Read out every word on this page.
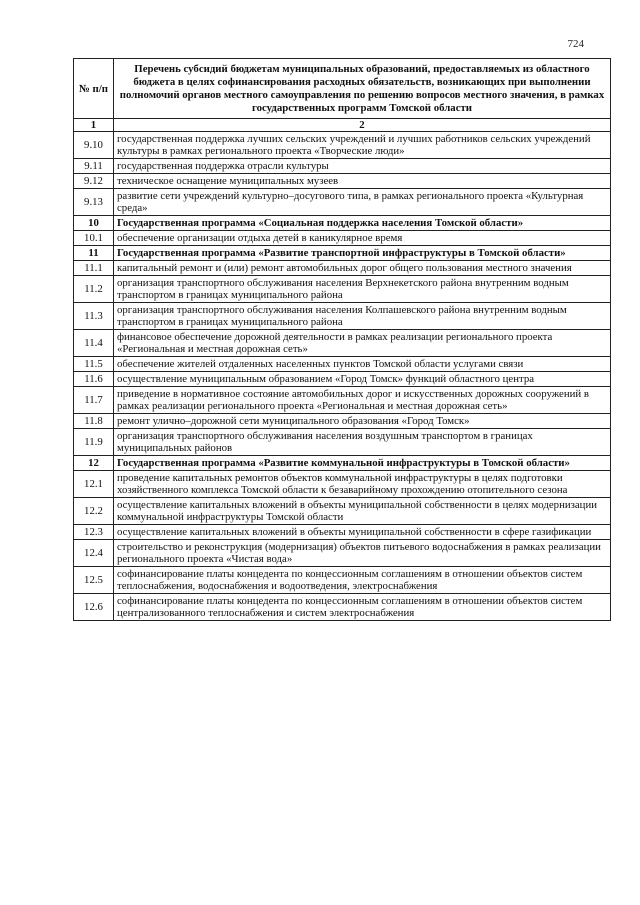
724
№ п/п	Перечень субсидий бюджетам муниципальных образований, предоставляемых из областного бюджета в целях софинансирования расходных обязательств, возникающих при выполнении полномочий органов местного самоуправления по решению вопросов местного значения, в рамках государственных программ Томской области
1	2
9.10	государственная поддержка лучших сельских учреждений и лучших работников сельских учреждений культуры в рамках регионального проекта «Творческие люди»
9.11	государственная поддержка отрасли культуры
9.12	техническое оснащение муниципальных музеев
9.13	развитие сети учреждений культурно–досугового типа, в рамках регионального проекта «Культурная среда»
10	Государственная программа «Социальная поддержка населения Томской области»
10.1	обеспечение организации отдыха детей в каникулярное время
11	Государственная программа «Развитие транспортной инфраструктуры в Томской области»
11.1	капитальный ремонт и (или) ремонт автомобильных дорог общего пользования местного значения
11.2	организация транспортного обслуживания населения Верхнекетского района внутренним водным транспортом в границах муниципального района
11.3	организация транспортного обслуживания населения Колпашевского района внутренним водным транспортом в границах муниципального района
11.4	финансовое обеспечение дорожной деятельности в рамках реализации регионального проекта «Региональная и местная дорожная сеть»
11.5	обеспечение жителей отдаленных населенных пунктов Томской области услугами связи
11.6	осуществление муниципальным образованием «Город Томск» функций областного центра
11.7	приведение в нормативное состояние автомобильных дорог и искусственных дорожных сооружений в рамках реализации регионального проекта «Региональная и местная дорожная сеть»
11.8	ремонт улично–дорожной сети муниципального образования «Город Томск»
11.9	организация транспортного обслуживания населения воздушным транспортом в границах муниципальных районов
12	Государственная программа «Развитие коммунальной инфраструктуры в Томской области»
12.1	проведение капитальных ремонтов объектов коммунальной инфраструктуры в целях подготовки хозяйственного комплекса Томской области к безаварийному прохождению отопительного сезона
12.2	осуществление капитальных вложений в объекты муниципальной собственности в целях модернизации коммунальной инфраструктуры Томской области
12.3	осуществление капитальных вложений в объекты муниципальной собственности в сфере газификации
12.4	строительство и реконструкция (модернизация) объектов питьевого водоснабжения в рамках реализации регионального проекта «Чистая вода»
12.5	софинансирование платы концедента по концессионным соглашениям в отношении объектов систем теплоснабжения, водоснабжения и водоотведения, электроснабжения
12.6	софинансирование платы концедента по концессионным соглашениям в отношении объектов систем централизованного теплоснабжения и систем электроснабжения
